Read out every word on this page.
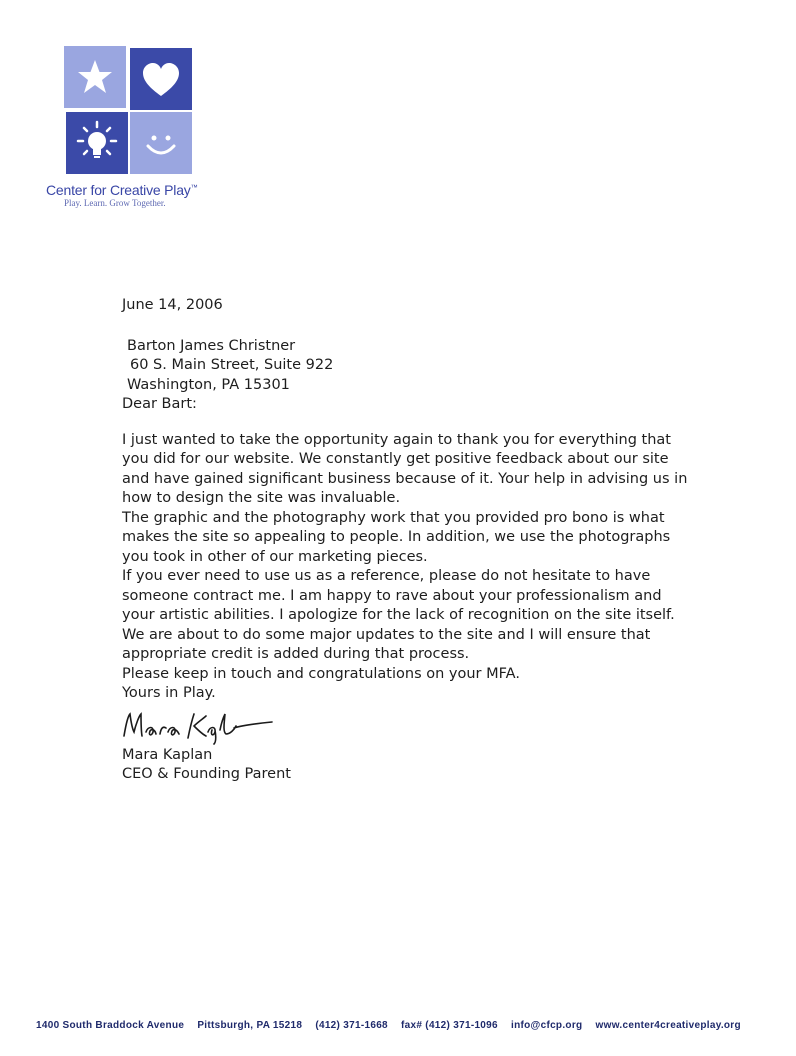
Center for Creative Play™
Play. Learn. Grow Together.

June 14, 2006

Barton James Christner
60 S. Main Street, Suite 922
Washington, PA 15301

Dear Bart:

I just wanted to take the opportunity again to thank you for everything that you did for our website. We constantly get positive feedback about our site and have gained significant business because of it. Your help in advising us in how to design the site was invaluable.

The graphic and the photography work that you provided pro bono is what makes the site so appealing to people. In addition, we use the photographs you took in other of our marketing pieces.

If you ever need to use us as a reference, please do not hesitate to have someone contract me. I am happy to rave about your professionalism and your artistic abilities. I apologize for the lack of recognition on the site itself. We are about to do some major updates to the site and I will ensure that appropriate credit is added during that process.

Please keep in touch and congratulations on your MFA.

Yours in Play.

Mara Kaplan

CEO & Founding Parent

1400 South Braddock Avenue Pittsburgh, PA 15218 (412) 371-1668 fax# (412) 371-1096 info@cfcp.org www.center4creativeplay.org
